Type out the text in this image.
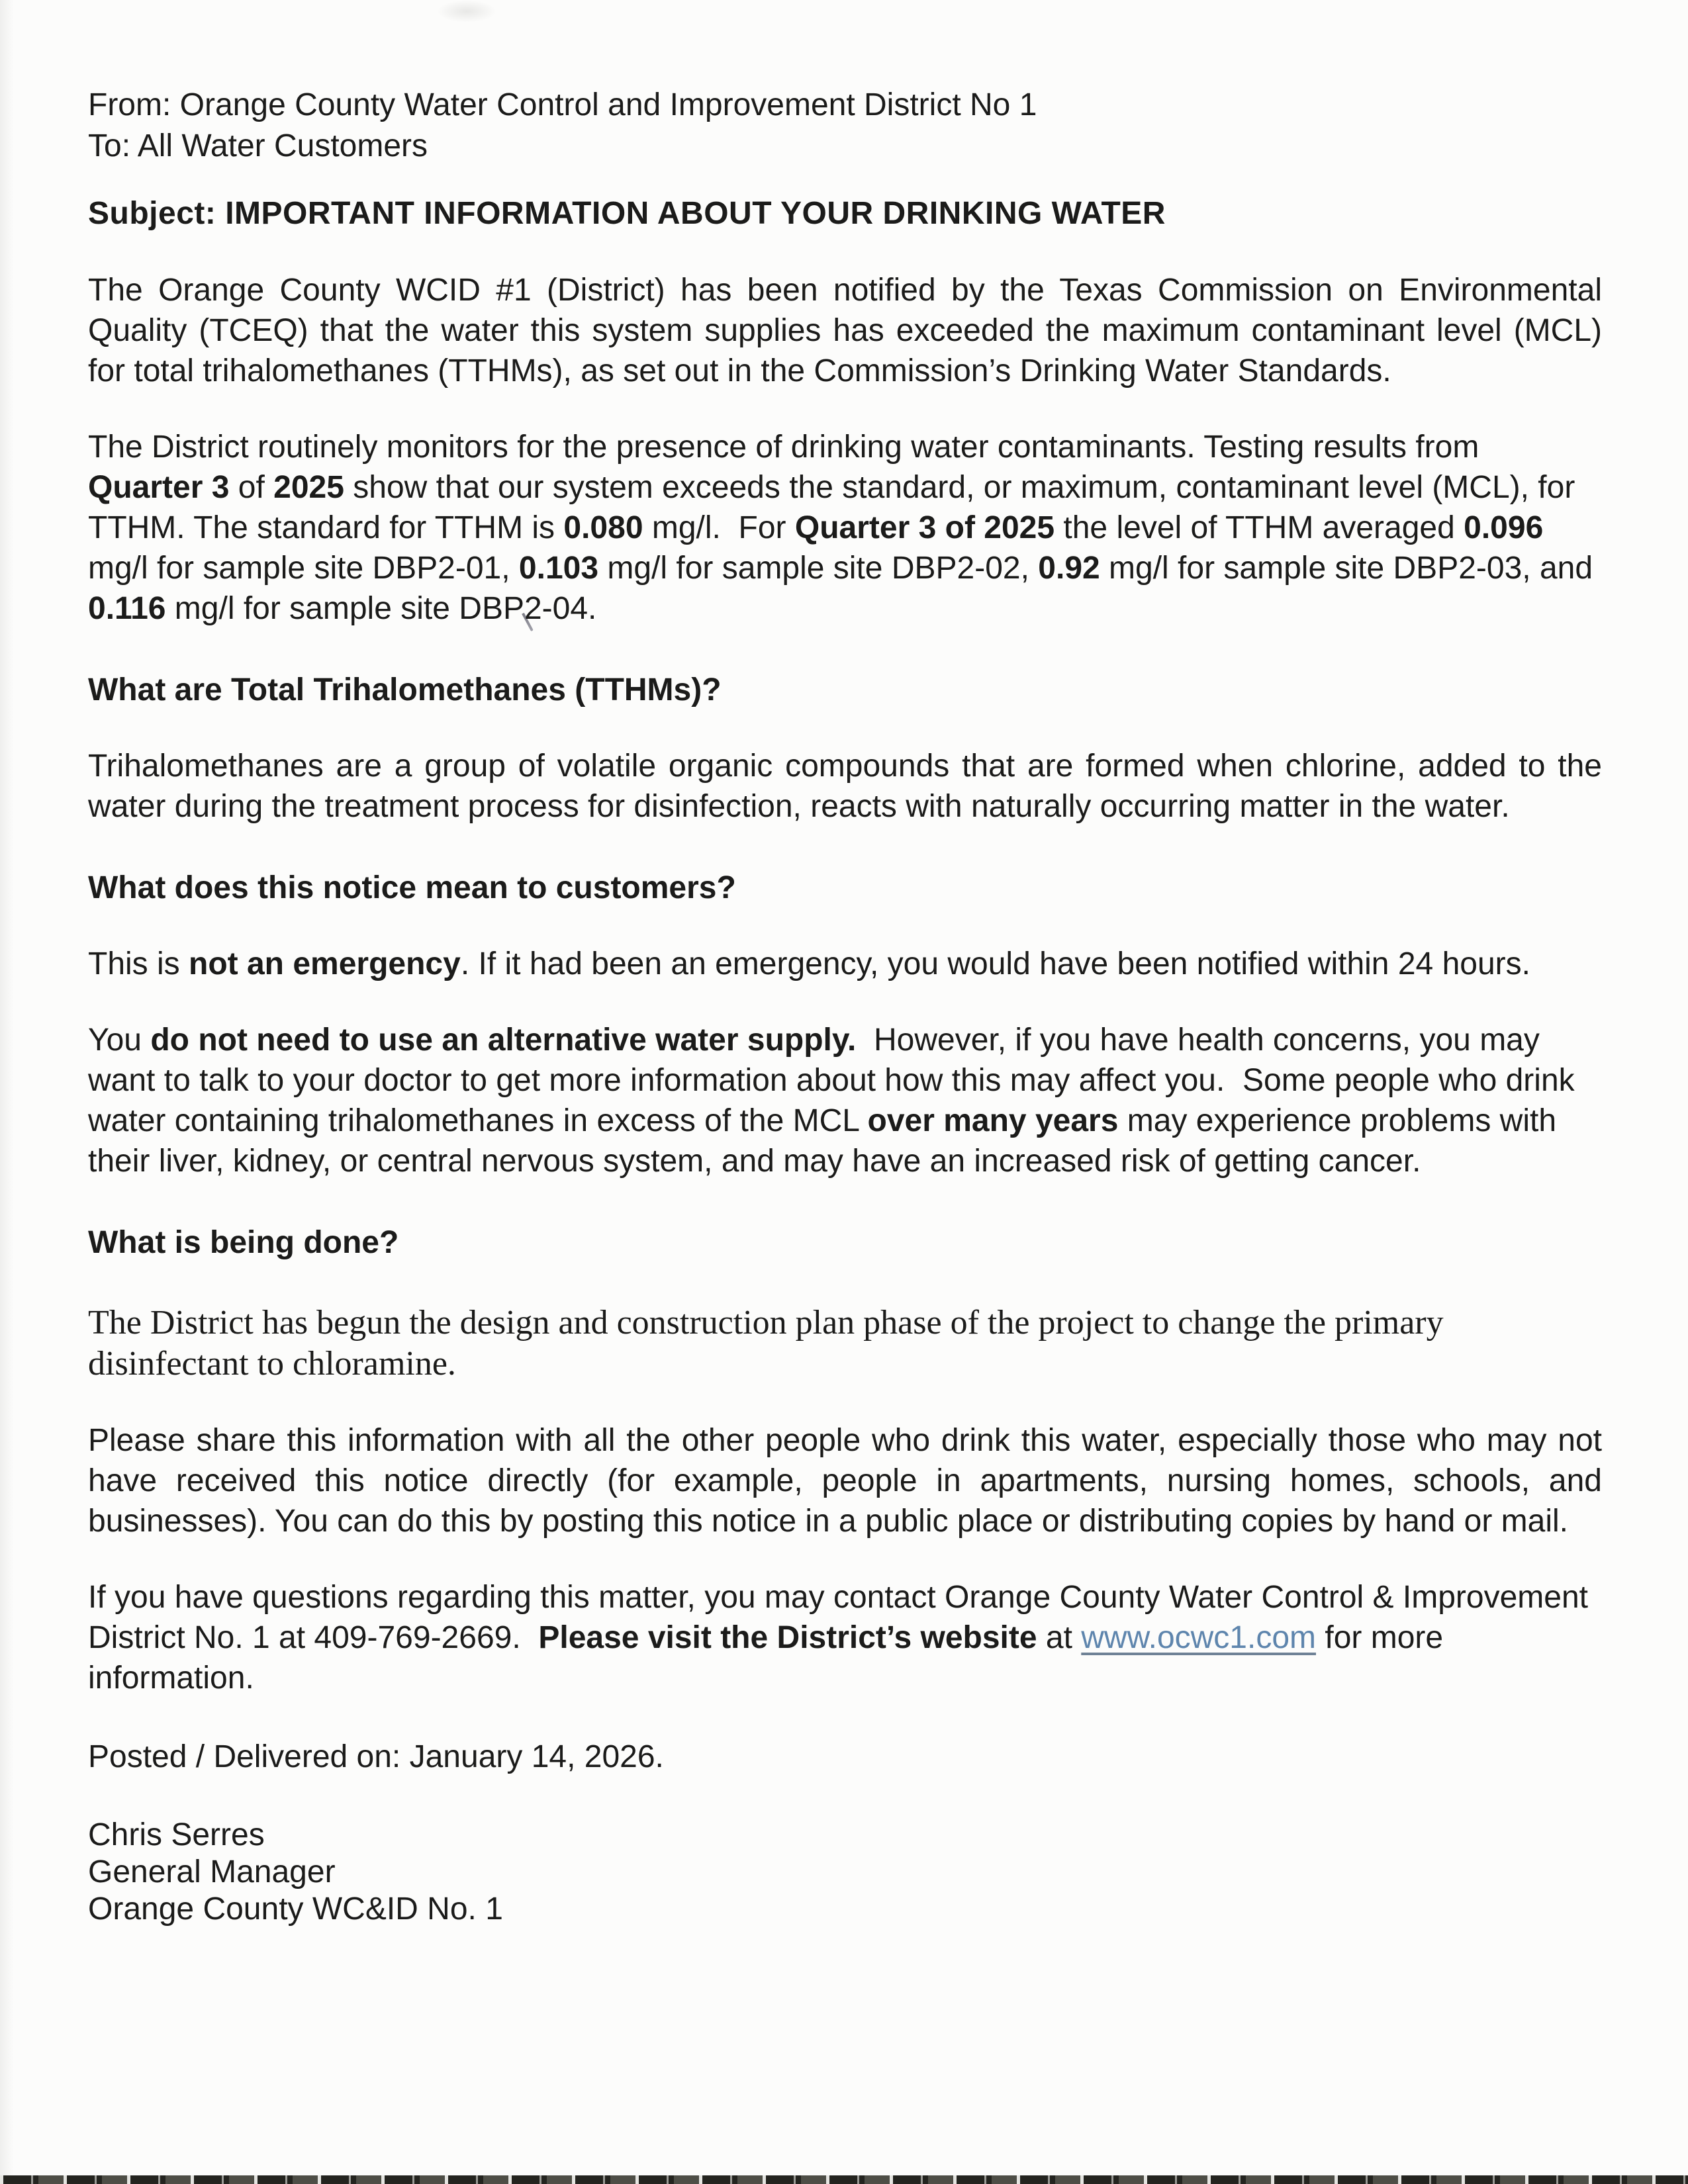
From: Orange County Water Control and Improvement District No 1

To: All Water Customers

Subject: IMPORTANT INFORMATION ABOUT YOUR DRINKING WATER

The Orange County WCID #1 (District) has been notified by the Texas Commission on Environmental Quality (TCEQ) that the water this system supplies has exceeded the maximum contaminant level (MCL) for total trihalomethanes (TTHMs), as set out in the Commission’s Drinking Water Standards.

The District routinely monitors for the presence of drinking water contaminants. Testing results from Quarter 3 of 2025 show that our system exceeds the standard, or maximum, contaminant level (MCL), for TTHM. The standard for TTHM is 0.080 mg/l.  For Quarter 3 of 2025 the level of TTHM averaged 0.096 mg/l for sample site DBP2-01, 0.103 mg/l for sample site DBP2-02, 0.92 mg/l for sample site DBP2-03, and 0.116 mg/l for sample site DBP2-04.

What are Total Trihalomethanes (TTHMs)?

Trihalomethanes are a group of volatile organic compounds that are formed when chlorine, added to the water during the treatment process for disinfection, reacts with naturally occurring matter in the water.

What does this notice mean to customers?

This is not an emergency. If it had been an emergency, you would have been notified within 24 hours.

You do not need to use an alternative water supply.  However, if you have health concerns, you may want to talk to your doctor to get more information about how this may affect you.  Some people who drink water containing trihalomethanes in excess of the MCL over many years may experience problems with their liver, kidney, or central nervous system, and may have an increased risk of getting cancer.

What is being done?

The District has begun the design and construction plan phase of the project to change the primary disinfectant to chloramine.

Please share this information with all the other people who drink this water, especially those who may not have received this notice directly (for example, people in apartments, nursing homes, schools, and businesses). You can do this by posting this notice in a public place or distributing copies by hand or mail.

If you have questions regarding this matter, you may contact Orange County Water Control & Improvement District No. 1 at 409-769-2669.  Please visit the District’s website at www.ocwc1.com for more information.

Posted / Delivered on: January 14, 2026.

Chris Serres

General Manager

Orange County WC&ID No. 1
